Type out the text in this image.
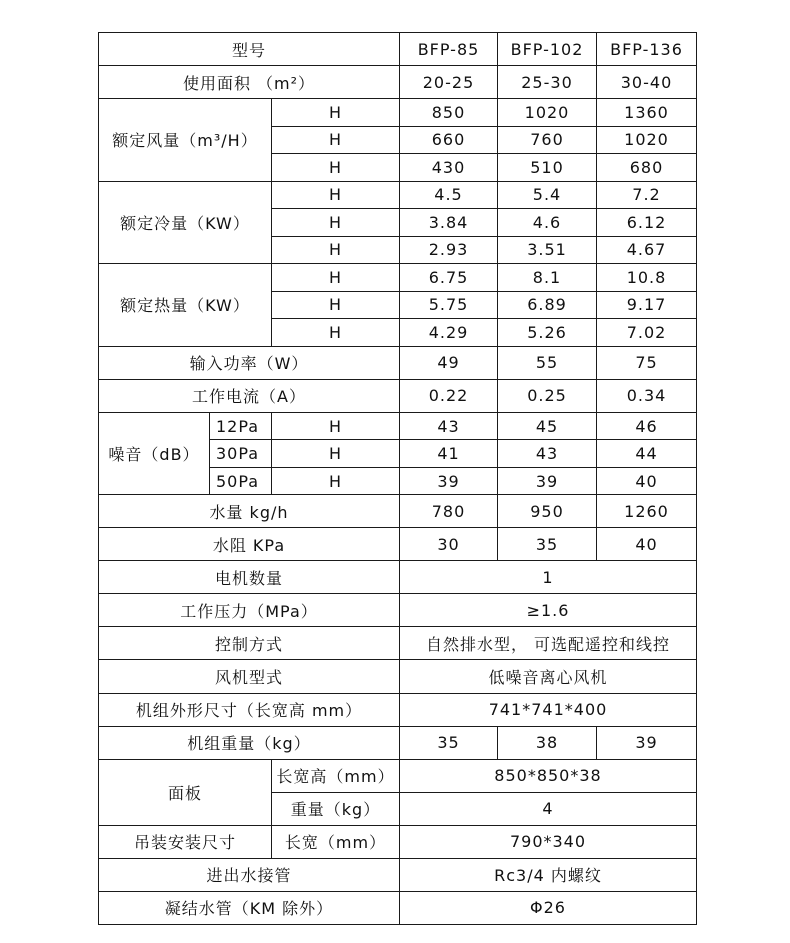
型号			BFP-85	BFP-102	BFP-136
使用面积 （m²）			20-25	25-30	30-40
额定风量（m³/H）		H	850	1020	1360
		H	660	760	1020
		H	430	510	680
额定冷量（KW）		H	4.5	5.4	7.2
		H	3.84	4.6	6.12
		H	2.93	3.51	4.67
额定热量（KW）		H	6.75	8.1	10.8
		H	5.75	6.89	9.17
		H	4.29	5.26	7.02
输入功率（W）			49	55	75
工作电流（A）			0.22	0.25	0.34
噪音（dB）	12Pa	H	43	45	46
	30Pa	H	41	43	44
	50Pa	H	39	39	40
水量 kg/h			780	950	1260
水阻 KPa			30	35	40
电机数量			1		
工作压力（MPa）			≥1.6		
控制方式			自然排水型， 可选配遥控和线控		
风机型式			低噪音离心风机		
机组外形尺寸（长宽高 mm）			741*741*400		
机组重量（kg）			35	38	39
面板		长宽高（mm）	850*850*38		
		重量（kg）	4		
吊装安装尺寸		长宽（mm）	790*340		
进出水接管			Rc3/4 内螺纹		
凝结水管（KM 除外）			Φ26		
